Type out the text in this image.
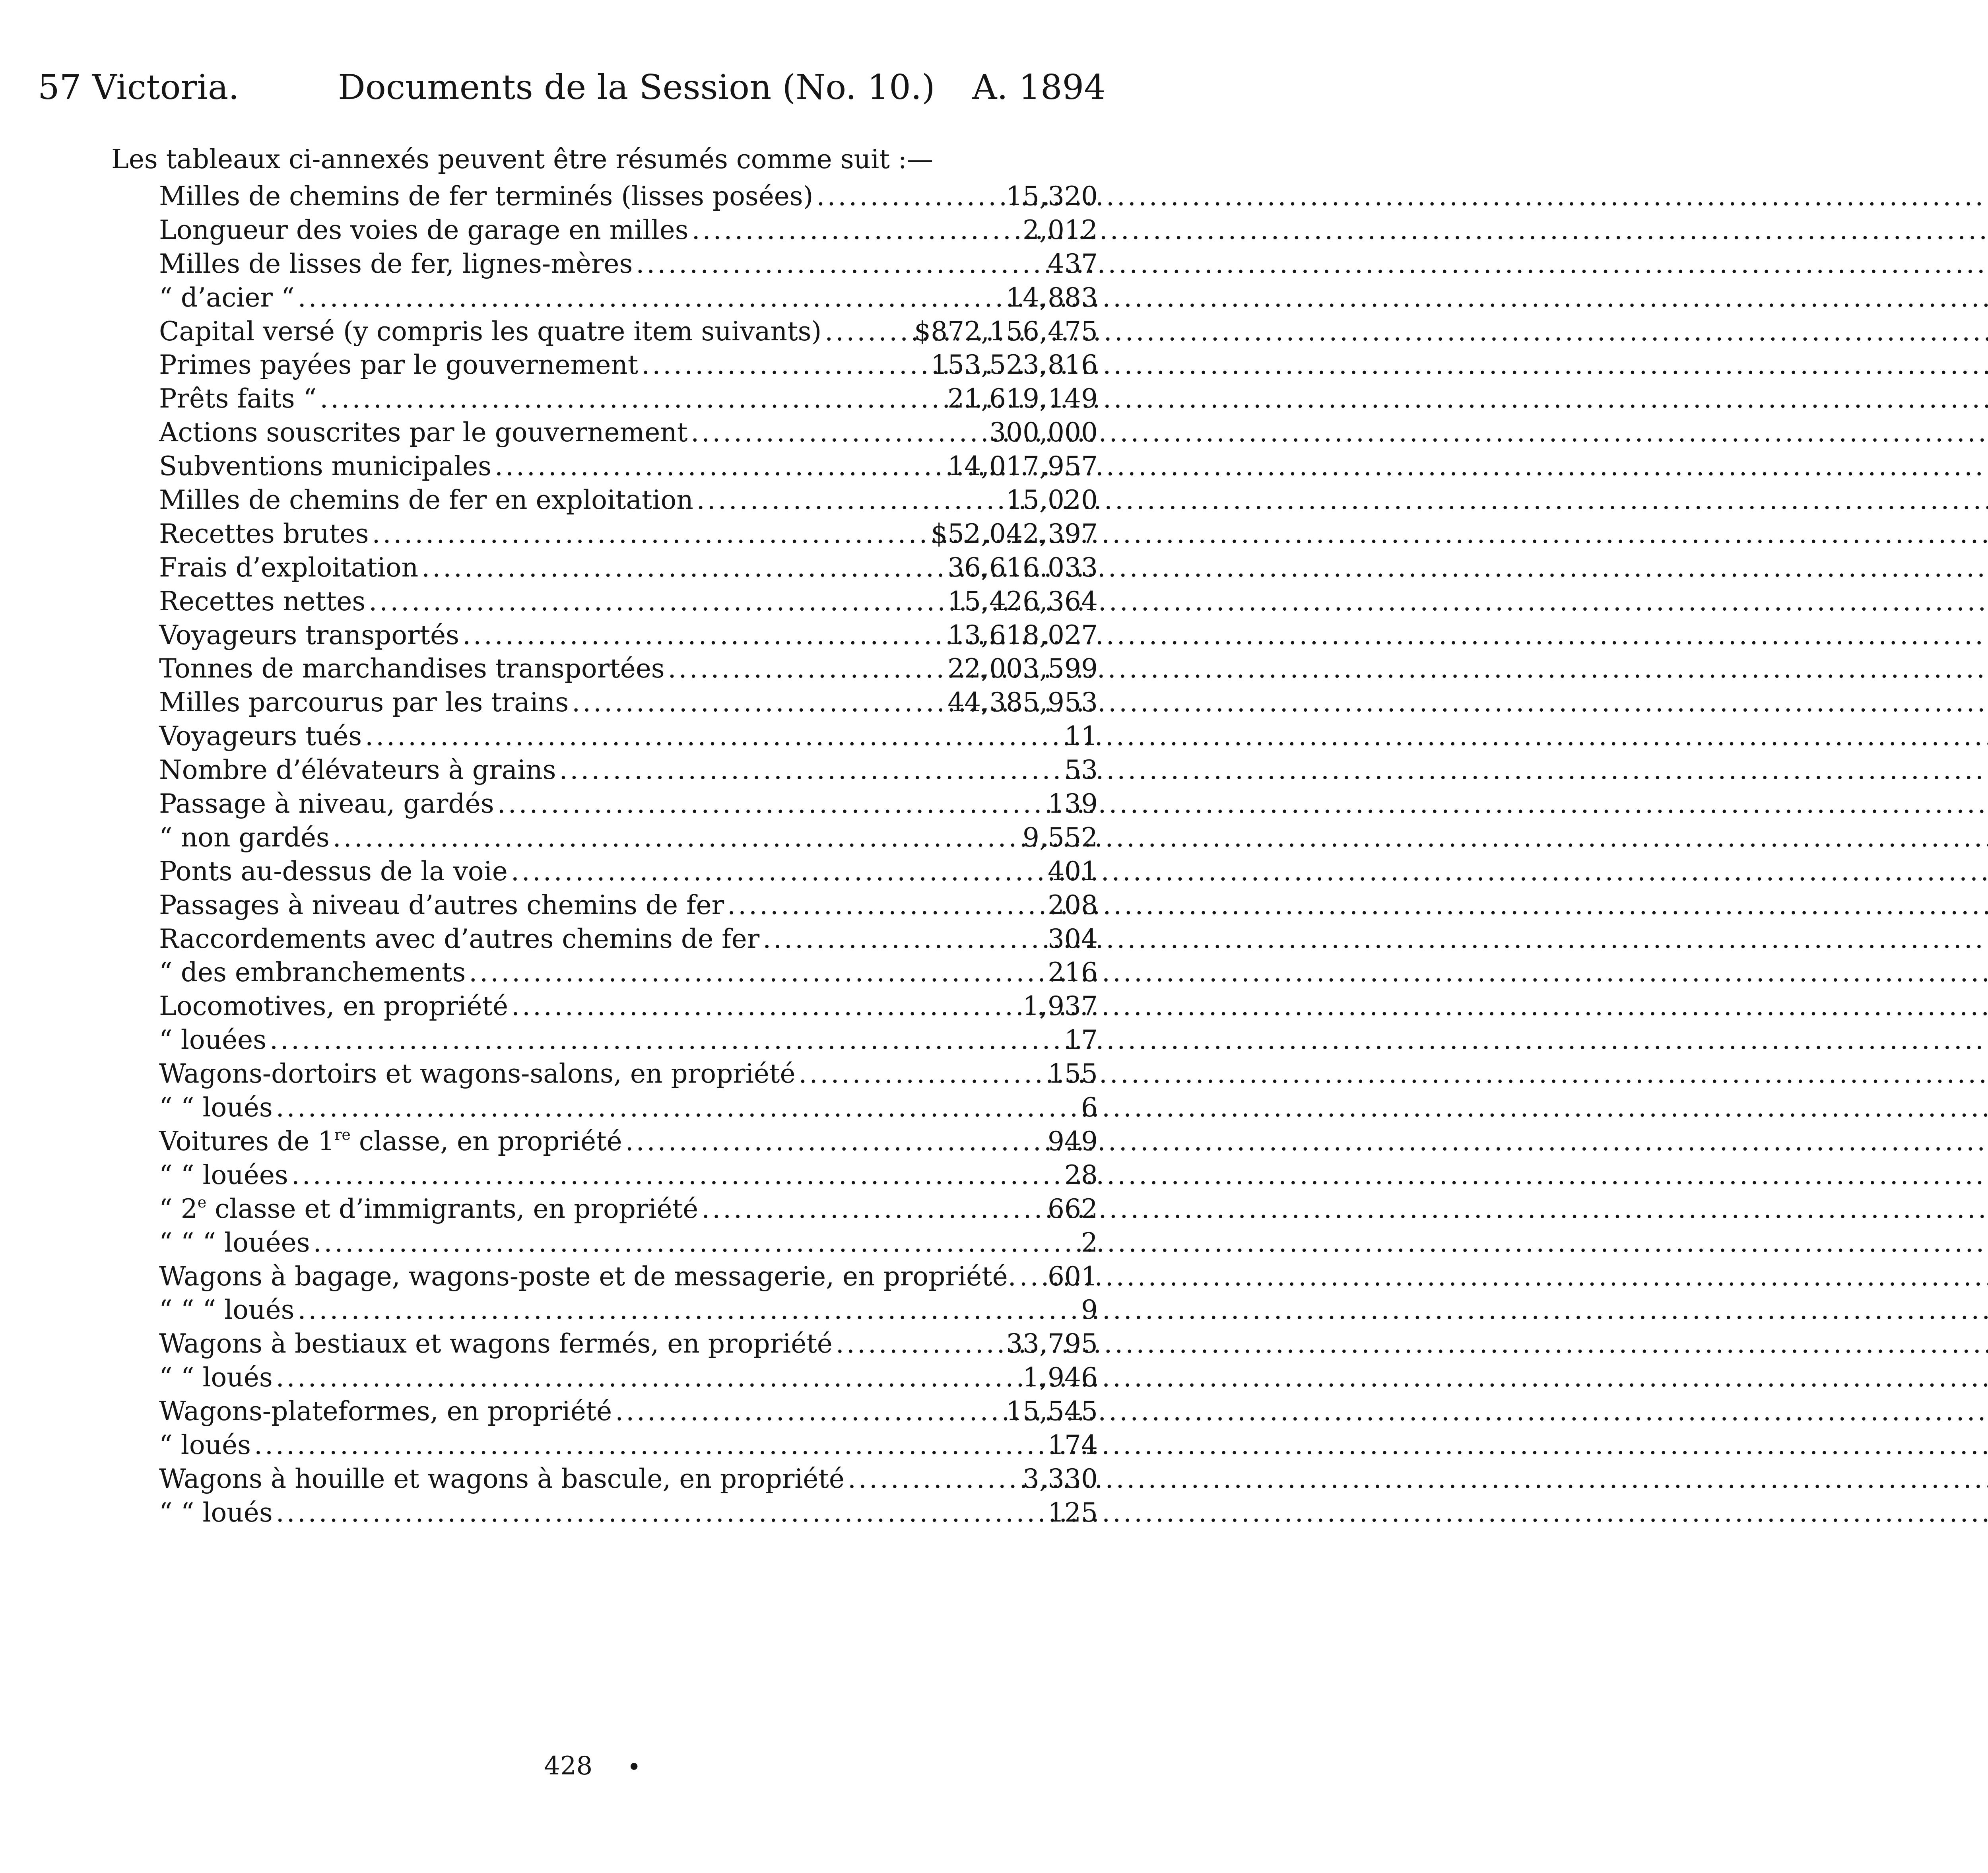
57 Victoria.	Documents de la Session (No. 10.) A. 1894
Les tableaux ci-annexés peuvent être résumés comme suit :—
Milles de chemins de fer terminés (lisses posées) .....	15,320
Longueur des voies de garage en milles .....	2,012
Milles de lisses de fer, lignes-mères .....	437
“ d’acier “ .....	14,883
Capital versé (y compris les quatre item suivants) .....	$872,156,475
Primes payées par le gouvernement .....	153,523,816
Prêts faits “ .....	21,619,149
Actions souscrites par le gouvernement .....	300,000
Subventions municipales .....	14,017,957
Milles de chemins de fer en exploitation .....	15,020
Recettes brutes .....	$52,042,397
Frais d’exploitation .....	36,616.033
Recettes nettes .....	15,426,364
Voyageurs transportés .....	13,618,027
Tonnes de marchandises transportées .....	22,003,599
Milles parcourus par les trains .....	44,385,953
Voyageurs tués .....	11
Nombre d’élévateurs à grains .....	53
Passage à niveau, gardés .....	139
“ non gardés .....	9,552
Ponts au-dessus de la voie .....	401
Passages à niveau d’autres chemins de fer .....	208
Raccordements avec d’autres chemins de fer .....	304
“ des embranchements .....	216
Locomotives, en propriété .....	1,937
“ louées .....	17
Wagons-dortoirs et wagons-salons, en propriété .....	155
“ “ loués .....	6
Voitures de 1re classe, en propriété .....	949
“ “ louées .....	28
“ 2e classe et d’immigrants, en propriété .....	662
“ “ “ louées .....	2
Wagons à bagage, wagons-poste et de messagerie, en propriété. ..... 601
“ “ “ loués .....	9
Wagons à bestiaux et wagons fermés, en propriété .....	33,795
“ “ loués .....	1,946
Wagons-plateformes, en propriété .....	15,545
“ loués .....	174
Wagons à houille et wagons à bascule, en propriété .....	3,330
“ “ loués .....	125
428 •
